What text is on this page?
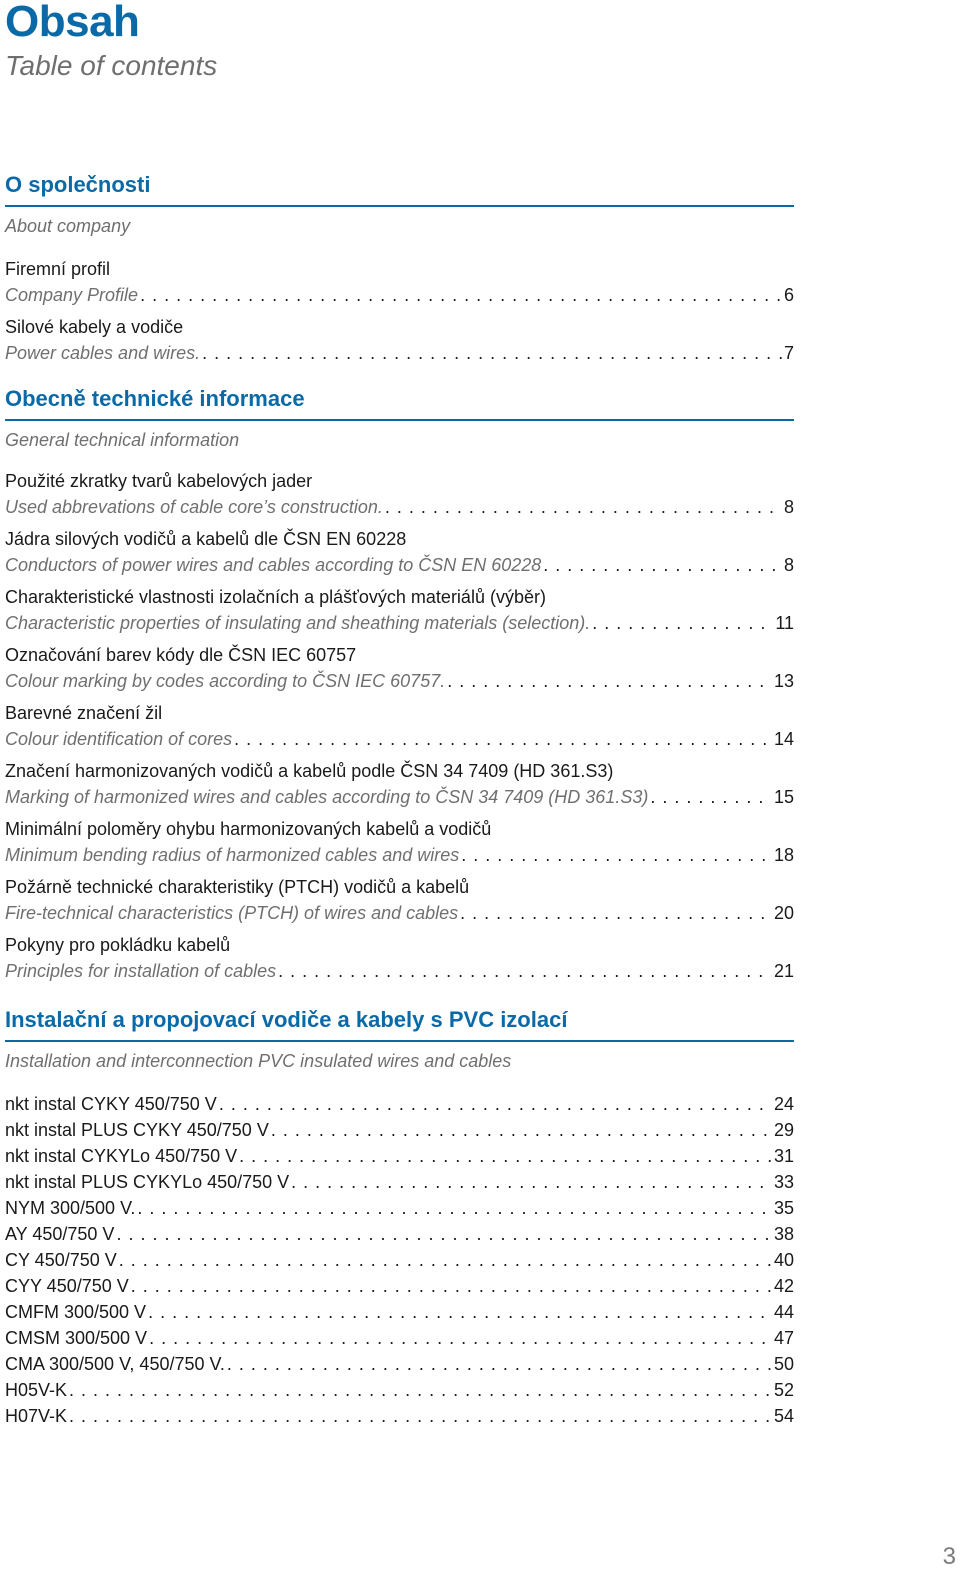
Obsah
Table of contents
O společnosti
About company
Firemní profil
Company Profile . . .	6
Silové kabely a vodiče
Power cables and wires. . . .	7
Obecně technické informace
General technical information
Použité zkratky tvarů kabelových jader
Used abbrevations of cable core’s construction. . . .	8
Jádra silových vodičů a kabelů dle ČSN EN 60228
Conductors of power wires and cables according to ČSN EN 60228 . . .	8
Charakteristické vlastnosti izolačních a plášťových materiálů (výběr)
Characteristic properties of insulating and sheathing materials (selection). . . .	11
Označování barev kódy dle ČSN IEC 60757
Colour marking by codes according to ČSN IEC 60757. . . .	13
Barevné značení žil
Colour identification of cores . . .	14
Značení harmonizovaných vodičů a kabelů podle ČSN 34 7409 (HD 361.S3)
Marking of harmonized wires and cables according to ČSN 34 7409 (HD 361.S3) . . .	15
Minimální poloměry ohybu harmonizovaných kabelů a vodičů
Minimum bending radius of harmonized cables and wires . . .	18
Požárně technické charakteristiky (PTCH) vodičů a kabelů
Fire-technical characteristics (PTCH) of wires and cables . . .	20
Pokyny pro pokládku kabelů
Principles for installation of cables . . .	21
Instalační a propojovací vodiče a kabely s PVC izolací
Installation and interconnection PVC insulated wires and cables
nkt instal CYKY 450/750 V . . .	24
nkt instal PLUS CYKY 450/750 V . . .	29
nkt instal CYKYLo 450/750 V . . .	31
nkt instal PLUS CYKYLo 450/750 V . . .	33
NYM 300/500 V. . . .	35
AY 450/750 V . . .	38
CY 450/750 V . . .	40
CYY 450/750 V . . .	42
CMFM 300/500 V . . .	44
CMSM 300/500 V . . .	47
CMA 300/500 V, 450/750 V. . . .	50
H05V-K . . .	52
H07V-K . . .	54
3
